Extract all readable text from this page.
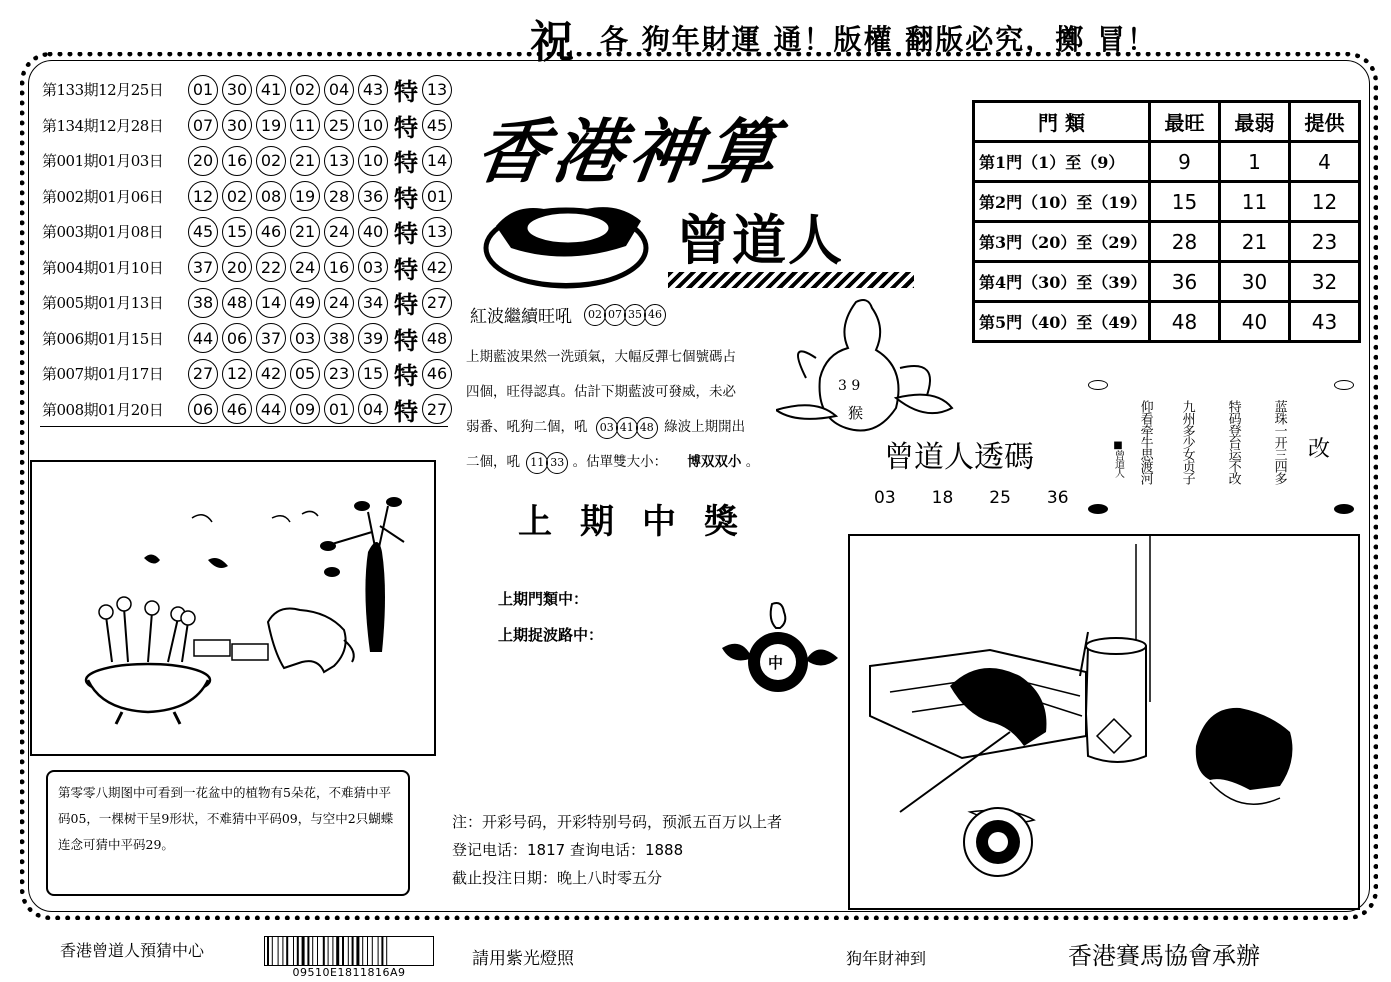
祝 各 狗年財運 通！版權 翻版必究，擲 冒！
第133期12月25日	01 30 41 02 04 43 特 13
第134期12月28日	07 30 19 11 25 10 特 45
第001期01月03日	20 16 02 21 13 10 特 14
第002期01月06日	12 02 08 19 28 36 特 01
第003期01月08日	45 15 46 21 24 40 特 13
第004期01月10日	37 20 22 24 16 03 特 42
第005期01月13日	38 48 14 49 24 34 特 27
第006期01月15日	44 06 37 03 38 39 特 48
第007期01月17日	27 12 42 05 23 15 特 46
第008期01月20日	06 46 44 09 01 04 特 27
香港神算
曾道人
門 類	最旺	最弱	提供
第1門（1）至（9）	9	1	4
第2門（10）至（19）	15	11	12
第3門（20）至（29）	28	21	23
第4門（30）至（39）	36	30	32
第5門（40）至（49）	48	40	43
紅波繼續旺吼	02 07 35 46
上期藍波果然一洗頭氣，大幅反彈七個號碼占
四個，旺得認真。估計下期藍波可發威，未必
弱番、吼狗二個，吼	03 41 48 綠波上期開出
二個，吼 11 33 。估單雙大小： 博双双小 。
3 9
猴
上期中獎
上期門類中：
上期捉波路中：
中
曾道人透碼
03 18 25 36
蓝珠一开三四多
特码登台运不改
九州多少女贞子
仰看牵牛思渡河
■曾道人	改
第零零八期图中可看到一花盆中的植物有5朵花，不难猜中平码05，一棵树干呈9形状，不难猜中平码09，与空中2只蝴蝶连念可猜中平码29。
注：开彩号码，开彩特别号码，预派五百万以上者
登记电话：1817 查询电话：1888
截止投注日期：晚上八时零五分
香港曾道人預猜中心
09510E1811816A9
請用紫光燈照	狗年財神到	香港賽馬協會承辦
